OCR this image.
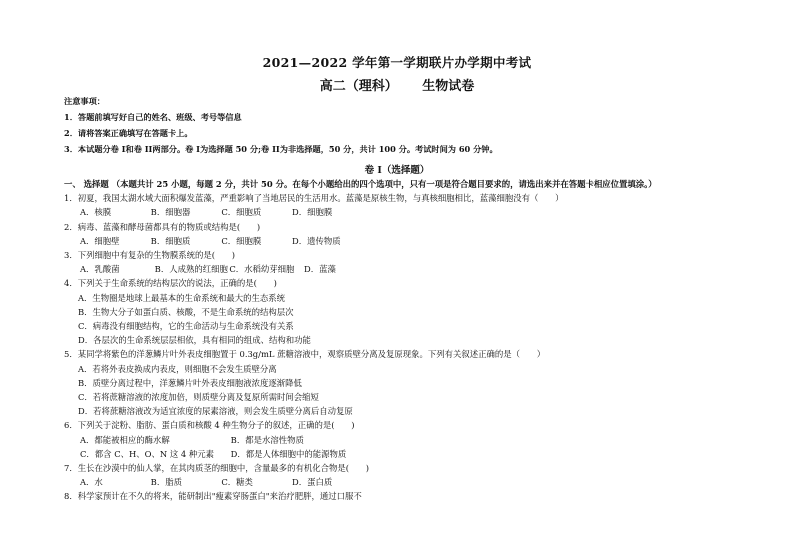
2021—2022 学年第一学期联片办学期中考试
高二（理科） 生物试卷
注意事项：
1．答题前填写好自己的姓名、班级、考号等信息
2．请将答案正确填写在答题卡上。
3．本试题分卷 I和卷 II两部分。卷 I为选择题 50 分;卷 II为非选择题，50 分，共计 100 分。考试时间为 60 分钟。
卷 I（选择题）
一、 选择题 （本题共计 25 小题，每题 2 分，共计 50 分。在每个小题给出的四个选项中，只有一项是符合题目要求的，请选出来并在答题卡相应位置填涂。）
1．初夏，我国太湖水域大面积爆发蓝藻，严重影响了当地居民的生活用水。蓝藻是原核生物，与真核细胞相比，蓝藻细胞没有（　　）
A．核膜	B．细胞器	C．细胞质	D．细胞膜
2．病毒、蓝藻和酵母菌都具有的物质或结构是(　　)
A．细胞壁	B．细胞质	C．细胞膜	D．遗传物质
3．下列细胞中有复杂的生物膜系统的是(　　)
A．乳酸菌	B．人成熟的红细胞 C．水稻幼芽细胞 D．蓝藻
4．下列关于生命系统的结构层次的说法，正确的是(　　)
A．生物圈是地球上最基本的生命系统和最大的生态系统
B．生物大分子如蛋白质、核酸，不是生命系统的结构层次
C．病毒没有细胞结构，它的生命活动与生命系统没有关系
D．各层次的生命系统层层相依，具有相同的组成、结构和功能
5．某同学将紫色的洋葱鳞片叶外表皮细胞置于 0.3g/mL 蔗糖溶液中，观察质壁分离及复原现象。下列有关叙述正确的是（　　）
A．若将外表皮换成内表皮，则细胞不会发生质壁分离
B．质壁分离过程中，洋葱鳞片叶外表皮细胞液浓度逐渐降低
C．若将蔗糖溶液的浓度加倍，则质壁分离及复原所需时间会缩短
D．若将蔗糖溶液改为适宜浓度的尿素溶液，则会发生质壁分离后自动复原
6．下列关于淀粉、脂肪、蛋白质和核酸 4 种生物分子的叙述，正确的是(　　)
A．都能被相应的酶水解	B．都是水溶性物质
C．都含 C、H、O、N 这 4 种元素 D．都是人体细胞中的能源物质
7．生长在沙漠中的仙人掌，在其肉质茎的细胞中，含量最多的有机化合物是(　　)
A．水	B．脂质	C．糖类	D．蛋白质
8．科学家预计在不久的将来，能研制出"瘦素穿肠蛋白"来治疗肥胖，通过口服不
